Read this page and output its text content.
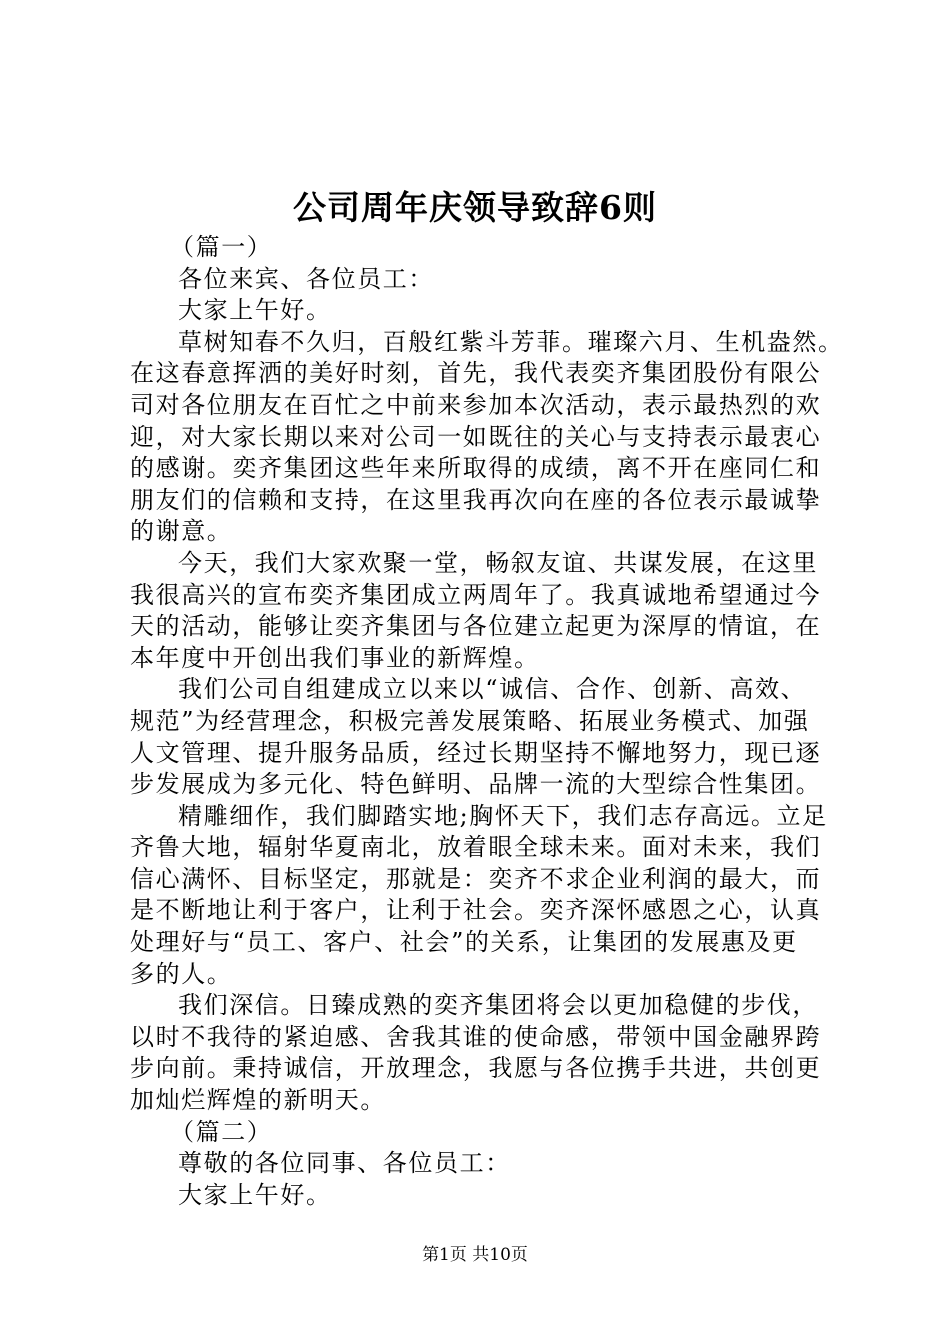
公司周年庆领导致辞6则

（篇一）

各位来宾、各位员工：

大家上午好。

草树知春不久归，百般红紫斗芳菲。璀璨六月、生机盎然。

在这春意挥洒的美好时刻，首先，我代表奕齐集团股份有限公

司对各位朋友在百忙之中前来参加本次活动，表示最热烈的欢

迎，对大家长期以来对公司一如既往的关心与支持表示最衷心

的感谢。奕齐集团这些年来所取得的成绩，离不开在座同仁和

朋友们的信赖和支持，在这里我再次向在座的各位表示最诚挚

的谢意。

今天，我们大家欢聚一堂，畅叙友谊、共谋发展，在这里

我很高兴的宣布奕齐集团成立两周年了。我真诚地希望通过今

天的活动，能够让奕齐集团与各位建立起更为深厚的情谊，在

本年度中开创出我们事业的新辉煌。

我们公司自组建成立以来以“诚信、合作、创新、高效、

规范”为经营理念，积极完善发展策略、拓展业务模式、加强

人文管理、提升服务品质，经过长期坚持不懈地努力，现已逐

步发展成为多元化、特色鲜明、品牌一流的大型综合性集团。

精雕细作，我们脚踏实地;胸怀天下，我们志存高远。立足

齐鲁大地，辐射华夏南北，放着眼全球未来。面对未来，我们

信心满怀、目标坚定，那就是：奕齐不求企业利润的最大，而

是不断地让利于客户，让利于社会。奕齐深怀感恩之心，认真

处理好与“员工、客户、社会”的关系，让集团的发展惠及更

多的人。

我们深信。日臻成熟的奕齐集团将会以更加稳健的步伐，

以时不我待的紧迫感、舍我其谁的使命感，带领中国金融界跨

步向前。秉持诚信，开放理念，我愿与各位携手共进，共创更

加灿烂辉煌的新明天。

（篇二）

尊敬的各位同事、各位员工：

大家上午好。

第1页 共10页
